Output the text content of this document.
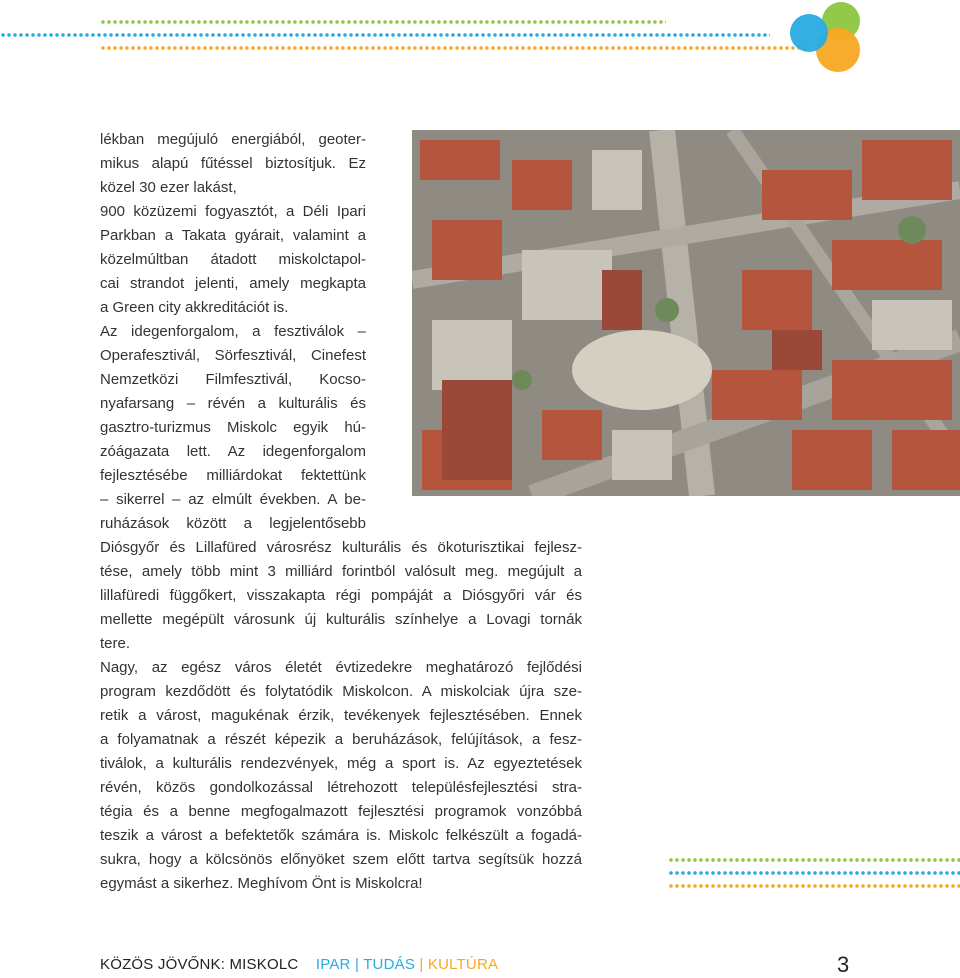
lékban megújuló energiából, geoter-
mikus alapú fűtéssel biztosítjuk. Ez
közel 30 ezer lakást,
900 közüzemi fogyasztót, a Déli Ipari
Parkban a Takata gyárait, valamint a
közelmúltban átadott miskolctapol-
cai strandot jelenti, amely megkapta
a Green city akkreditációt is.
Az idegenforgalom, a fesztiválok –
Operafesztivál, Sörfesztivál, Cinefest
Nemzetközi Filmfesztivál, Kocso-
nyafarsang – révén a kulturális és
gasztro-turizmus Miskolc egyik hú-
zóágazata lett. Az idegenforgalom
fejlesztésébe milliárdokat fektettünk
– sikerrel – az elmúlt években. A be-
ruházások között a legjelentősebb
Diósgyőr és Lillafüred városrész kulturális és ökoturisztikai fejlesz-
tése, amely több mint 3 milliárd forintból valósult meg. megújult a
lillafüredi függőkert, visszakapta régi pompáját a Diósgyőri vár és
mellette megépült városunk új kulturális színhelye a Lovagi tornák
tere.
Nagy, az egész város életét évtizedekre meghatározó fejlődési
program kezdődött és folytatódik Miskolcon. A miskolciak újra sze-
retik a várost, magukénak érzik, tevékenyek fejlesztésében. Ennek
a folyamatnak a részét képezik a beruházások, felújítások, a fesz-
tiválok, a kulturális rendezvények, még a sport is. Az egyeztetések
révén, közös gondolkozással létrehozott településfejlesztési stra-
tégia és a benne megfogalmazott fejlesztési programok vonzóbbá
teszik a várost a befektetők számára is. Miskolc felkészült a fogadá-
sukra, hogy a kölcsönös előnyöket szem előtt tartva segítsük hozzá
egymást a sikerhez. Meghívom Önt is Miskolcra!
KÖZÖS JÖVŐNK: MISKOLC IPAR | TUDÁS | KULTÚRA	3
